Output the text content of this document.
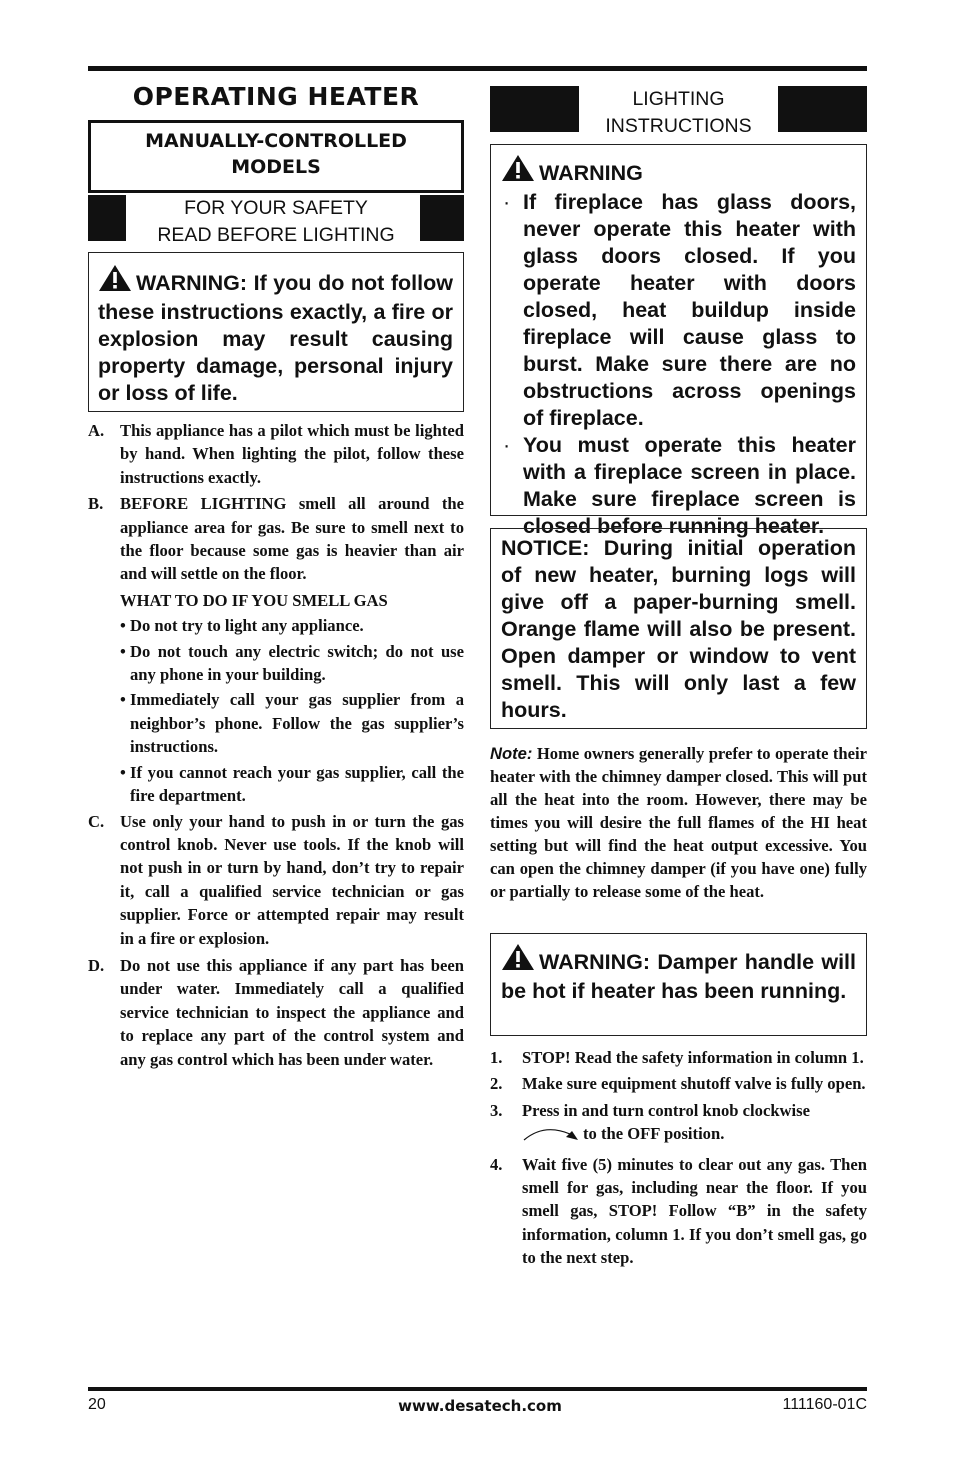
OPERATING HEATER
MANUALLY-CONTROLLED
MODELS
FOR YOUR SAFETY
READ BEFORE LIGHTING
WARNING: If you do not follow these instructions exactly, a fire or explosion may result causing property damage, personal injury or loss of life.
A. This appliance has a pilot which must be lighted by hand. When lighting the pilot, follow these instructions exactly.
B. BEFORE LIGHTING smell all around the appliance area for gas. Be sure to smell next to the floor because some gas is heavier than air and will settle on the floor.
WHAT TO DO IF YOU SMELL GAS
• Do not try to light any appliance.
• Do not touch any electric switch; do not use any phone in your building.
• Immediately call your gas supplier from a neighbor’s phone. Follow the gas supplier’s instructions.
• If you cannot reach your gas supplier, call the fire department.
C. Use only your hand to push in or turn the gas control knob. Never use tools. If the knob will not push in or turn by hand, don’t try to repair it, call a qualified service technician or gas supplier. Force or attempted repair may result in a fire or explosion.
D. Do not use this appliance if any part has been under water. Immediately call a qualified service technician to inspect the appliance and to replace any part of the control system and any gas control which has been under water.
LIGHTING
INSTRUCTIONS
WARNING
· If fireplace has glass doors, never operate this heater with glass doors closed. If you operate heater with doors closed, heat buildup inside fireplace will cause glass to burst. Make sure there are no obstructions across openings of fireplace.
· You must operate this heater with a fireplace screen in place. Make sure fireplace screen is closed before running heater.
NOTICE: During initial operation of new heater, burning logs will give off a paper-burning smell. Orange flame will also be present. Open damper or window to vent smell. This will only last a few hours.
Note: Home owners generally prefer to operate their heater with the chimney damper closed. This will put all the heat into the room. However, there may be times you will desire the full flames of the HI heat setting but will find the heat output excessive. You can open the chimney damper (if you have one) fully or partially to release some of the heat.
WARNING: Damper handle will be hot if heater has been running.
1. STOP! Read the safety information in column 1.
2. Make sure equipment shutoff valve is fully open.
3. Press in and turn control knob clockwise
to the OFF position.
4. Wait five (5) minutes to clear out any gas. Then smell for gas, including near the floor. If you smell gas, STOP! Follow “B” in the safety information, column 1. If you don’t smell gas, go to the next step.
20	www.desatech.com	111160-01C
